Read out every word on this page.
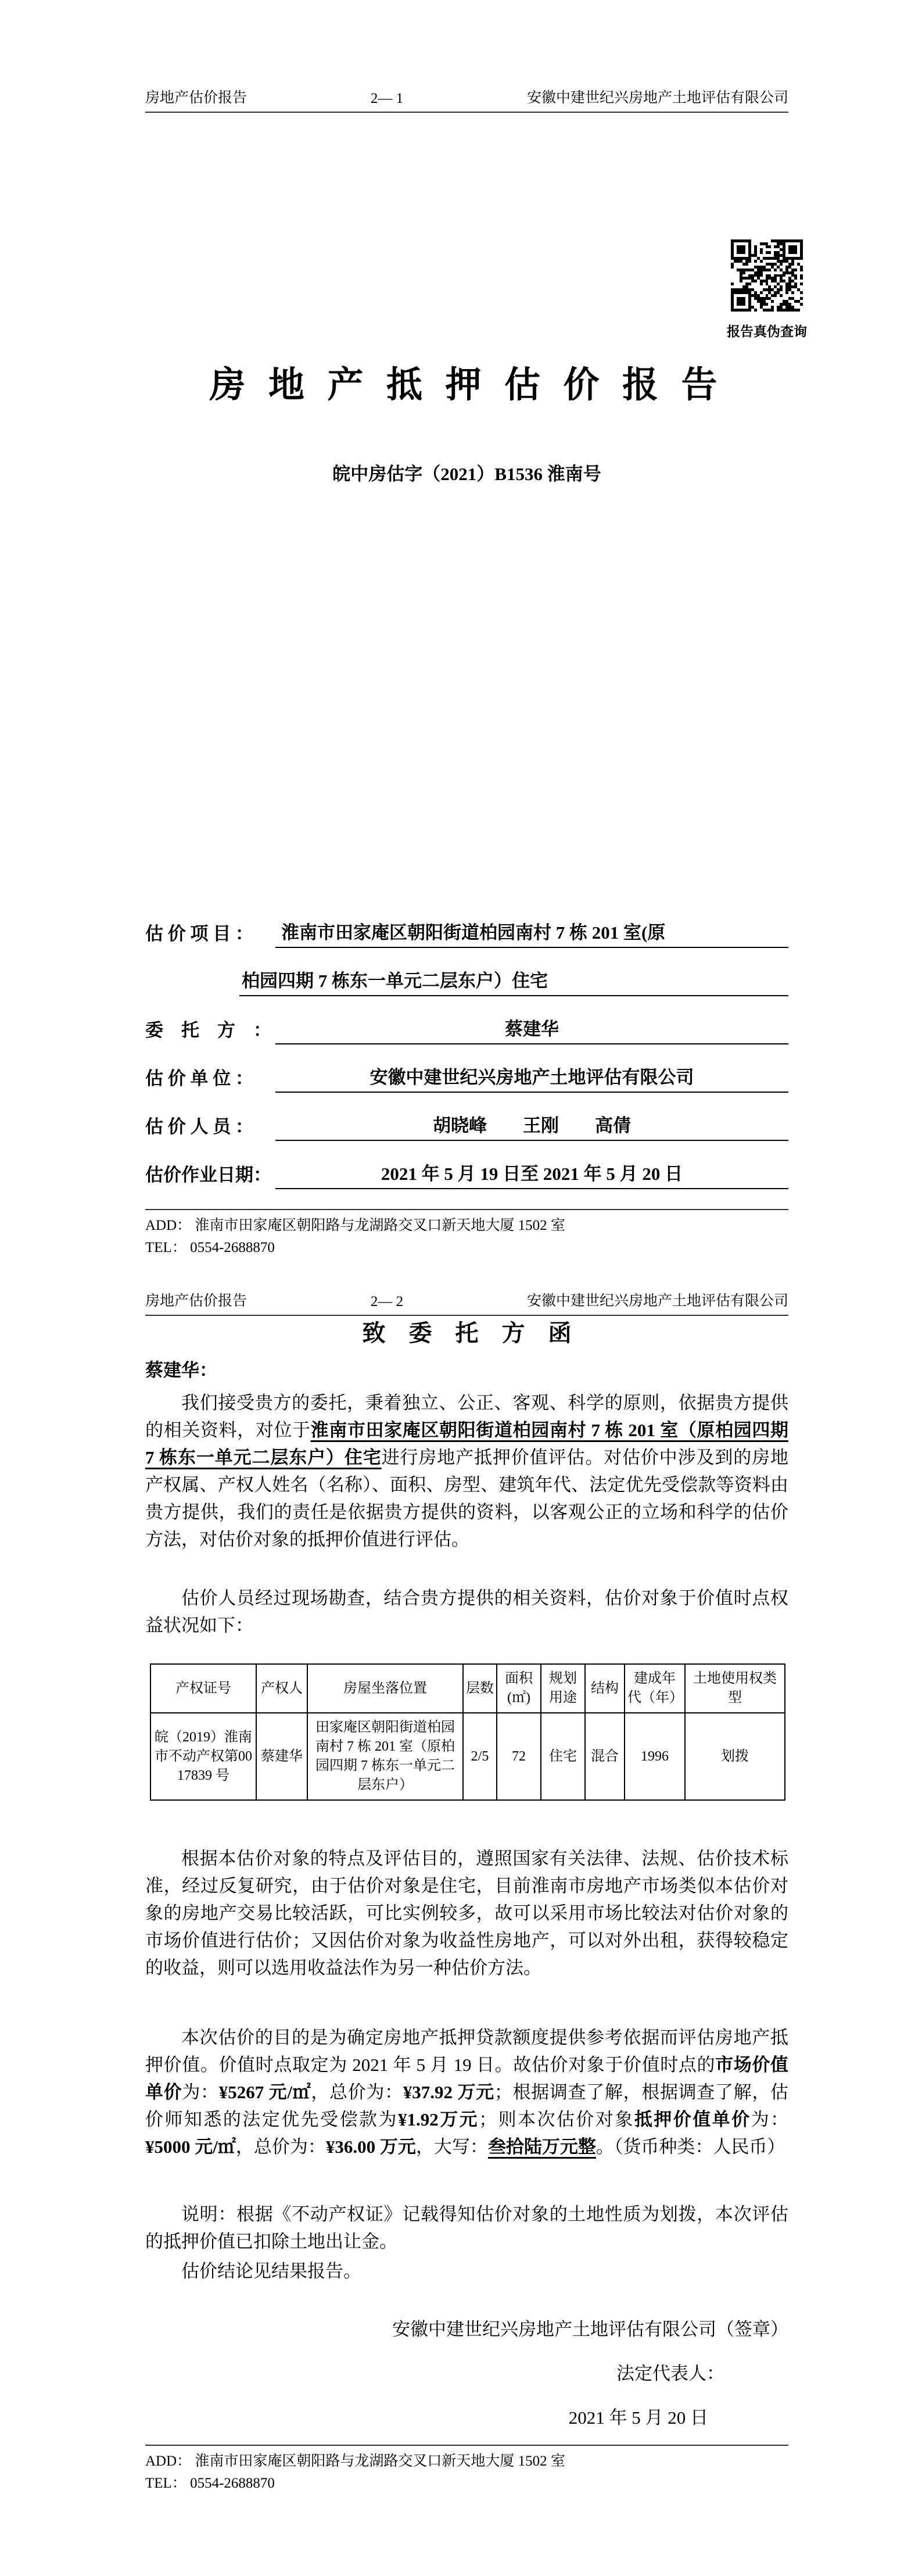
房地产估价报告	2— 1	安徽中建世纪兴房地产土地评估有限公司
报告真伪查询
房 地 产 抵 押 估 价 报 告
皖中房估字（2021）B1536 淮南号
估 价 项 目 ：	淮南市田家庵区朝阳街道柏园南村 7 栋 201 室(原
柏园四期 7 栋东一单元二层东户）住宅
委　托　方　：	蔡建华
估 价 单 位 ：	安徽中建世纪兴房地产土地评估有限公司
估 价 人 员 ：	胡晓峰　　王刚　　高倩
估价作业日期：	2021 年 5 月 19 日至 2021 年 5 月 20 日
ADD： 淮南市田家庵区朝阳路与龙湖路交叉口新天地大厦 1502 室
TEL： 0554-2688870
房地产估价报告	2— 2	安徽中建世纪兴房地产土地评估有限公司
致　委　托　方　函
蔡建华：

我们接受贵方的委托，秉着独立、公正、客观、科学的原则，依据贵方提供的相关资料，对位于淮南市田家庵区朝阳街道柏园南村 7 栋 201 室（原柏园四期 7 栋东一单元二层东户）住宅进行房地产抵押价值评估。对估价中涉及到的房地产权属、产权人姓名（名称）、面积、房型、建筑年代、法定优先受偿款等资料由贵方提供，我们的责任是依据贵方提供的资料，以客观公正的立场和科学的估价方法，对估价对象的抵押价值进行评估。

估价人员经过现场勘查，结合贵方提供的相关资料，估价对象于价值时点权益状况如下：

产权证号	产权人	房屋坐落位置	层数	面积(㎡)	规划用途	结构	建成年代（年）	土地使用权类型
皖（2019）淮南市不动产权第0017839 号	蔡建华	田家庵区朝阳街道柏园南村 7 栋 201 室（原柏园四期 7 栋东一单元二层东户）	2/5	72	住宅	混合	1996	划拨

根据本估价对象的特点及评估目的，遵照国家有关法律、法规、估价技术标准，经过反复研究，由于估价对象是住宅，目前淮南市房地产市场类似本估价对象的房地产交易比较活跃，可比实例较多，故可以采用市场比较法对估价对象的市场价值进行估价；又因估价对象为收益性房地产，可以对外出租，获得较稳定的收益，则可以选用收益法作为另一种估价方法。

本次估价的目的是为确定房地产抵押贷款额度提供参考依据而评估房地产抵押价值。价值时点取定为 2021 年 5 月 19 日。故估价对象于价值时点的市场价值单价为：¥5267 元/㎡，总价为：¥37.92 万元；根据调查了解，根据调查了解，估价师知悉的法定优先受偿款为¥1.92万元；则本次估价对象抵押价值单价为： ¥5000 元/㎡，总价为：¥36.00 万元，大写：叁拾陆万元整。（货币种类：人民币）

说明：根据《不动产权证》记载得知估价对象的土地性质为划拨，本次评估的抵押价值已扣除土地出让金。

估价结论见结果报告。

安徽中建世纪兴房地产土地评估有限公司（签章）
法定代表人：
2021 年 5 月 20 日
ADD： 淮南市田家庵区朝阳路与龙湖路交叉口新天地大厦 1502 室
TEL： 0554-2688870
